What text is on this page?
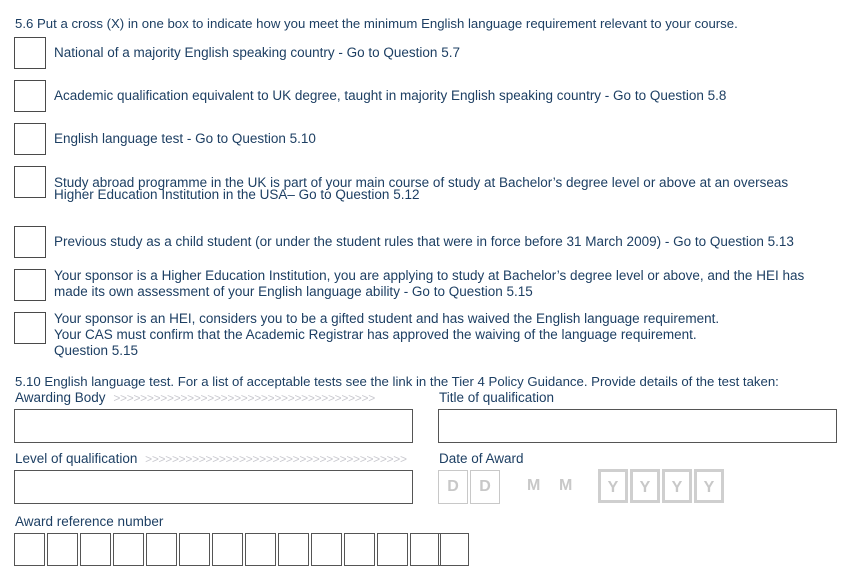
5.6 Put a cross (X) in one box to indicate how you meet the minimum English language requirement relevant to your course.
National of a majority English speaking country - Go to Question 5.7
Academic qualification equivalent to UK degree, taught in majority English speaking country - Go to Question 5.8
English language test - Go to Question 5.10
Study abroad programme in the UK is part of your main course of study at Bachelor’s degree level or above at an overseas
Higher Education Institution in the USA– Go to Question 5.12
Previous study as a child student (or under the student rules that were in force before 31 March 2009) - Go to Question 5.13
Your sponsor is a Higher Education Institution, you are applying to study at Bachelor’s degree level or above, and the HEI has
made its own assessment of your English language ability - Go to Question 5.15
Your sponsor is an HEI, considers you to be a gifted student and has waived the English language requirement.
Your CAS must confirm that the Academic Registrar has approved the waiving of the language requirement.
Question 5.15
5.10 English language test. For a list of acceptable tests see the link in the Tier 4 Policy Guidance. Provide details of the test taken:
Awarding Body >>>>>>>>>>>>>>>>>>>>>>>>>>>>>>>>>>>>>>>	Title of qualification
Level of qualification >>>>>>>>>>>>>>>>>>>>>>>>>>>>>>>>>>>>>>> Date of Award
D	D	M M	Y	Y	Y	Y
Award reference number
